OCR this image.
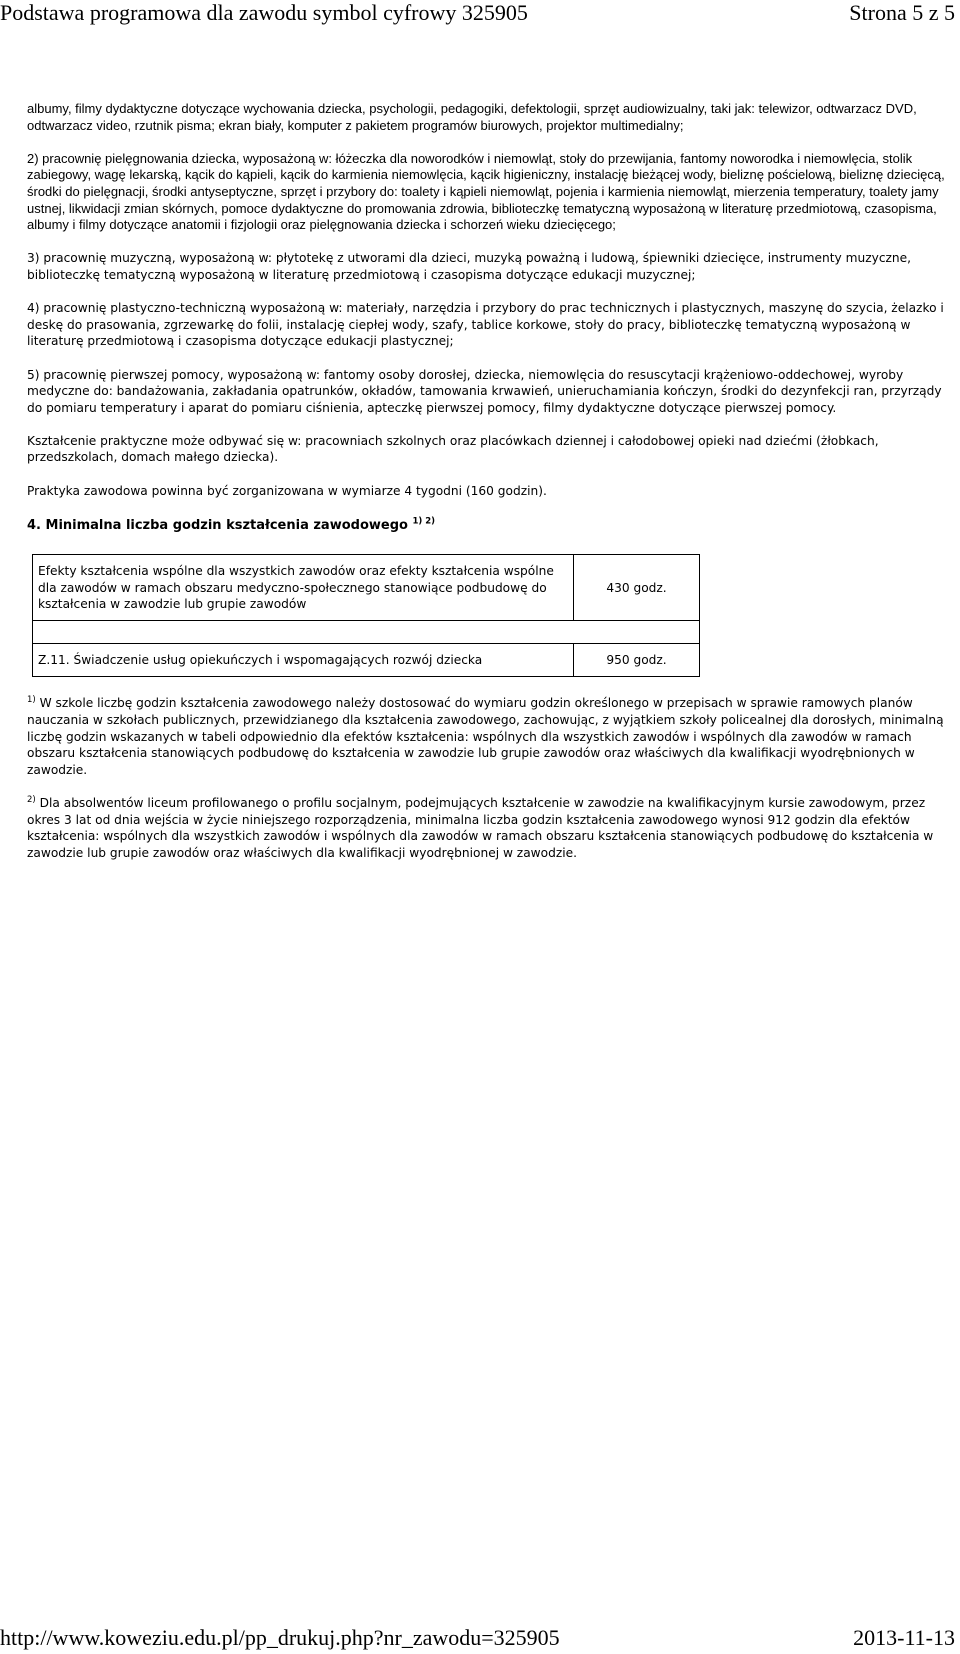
Podstawa programowa dla zawodu symbol cyfrowy 325905	Strona 5 z 5

albumy, filmy dydaktyczne dotyczące wychowania dziecka, psychologii, pedagogiki, defektologii, sprzęt audiowizualny, taki jak: telewizor, odtwarzacz DVD, odtwarzacz video, rzutnik pisma; ekran biały, komputer z pakietem programów biurowych, projektor multimedialny;

2) pracownię pielęgnowania dziecka, wyposażoną w: łóżeczka dla noworodków i niemowląt, stoły do przewijania, fantomy noworodka i niemowlęcia, stolik zabiegowy, wagę lekarską, kącik do kąpieli, kącik do karmienia niemowlęcia, kącik higieniczny, instalację bieżącej wody, bieliznę pościelową, bieliznę dziecięcą, środki do pielęgnacji, środki antyseptyczne, sprzęt i przybory do: toalety i kąpieli niemowląt, pojenia i karmienia niemowląt, mierzenia temperatury, toalety jamy ustnej, likwidacji zmian skórnych, pomoce dydaktyczne do promowania zdrowia, biblioteczkę tematyczną wyposażoną w literaturę przedmiotową, czasopisma, albumy i filmy dotyczące anatomii i fizjologii oraz pielęgnowania dziecka i schorzeń wieku dziecięcego;

3) pracownię muzyczną, wyposażoną w: płytotekę z utworami dla dzieci, muzyką poważną i ludową, śpiewniki dziecięce, instrumenty muzyczne, biblioteczkę tematyczną wyposażoną w literaturę przedmiotową i czasopisma dotyczące edukacji muzycznej;

4) pracownię plastyczno-techniczną wyposażoną w: materiały, narzędzia i przybory do prac technicznych i plastycznych, maszynę do szycia, żelazko i deskę do prasowania, zgrzewarkę do folii, instalację ciepłej wody, szafy, tablice korkowe, stoły do pracy, biblioteczkę tematyczną wyposażoną w literaturę przedmiotową i czasopisma dotyczące edukacji plastycznej;

5) pracownię pierwszej pomocy, wyposażoną w: fantomy osoby dorosłej, dziecka, niemowlęcia do resuscytacji krążeniowo-oddechowej, wyroby medyczne do: bandażowania, zakładania opatrunków, okładów, tamowania krwawień, unieruchamiania kończyn, środki do dezynfekcji ran, przyrządy do pomiaru temperatury i aparat do pomiaru ciśnienia, apteczkę pierwszej pomocy, filmy dydaktyczne dotyczące pierwszej pomocy.

Kształcenie praktyczne może odbywać się w: pracowniach szkolnych oraz placówkach dziennej i całodobowej opieki nad dziećmi (żłobkach, przedszkolach, domach małego dziecka).

Praktyka zawodowa powinna być zorganizowana w wymiarze 4 tygodni (160 godzin).

4. Minimalna liczba godzin kształcenia zawodowego $^{1) 2)}$
Efekty kształcenia wspólne dla wszystkich zawodów oraz efekty kształcenia wspólne dla zawodów w ramach obszaru medyczno-społecznego stanowiące podbudowę do kształcenia w zawodzie lub grupie zawodów	430 godz.

Z.11. Świadczenie usług opiekuńczych i wspomagających rozwój dziecka	950 godz.

$^{1)}$ W szkole liczbę godzin kształcenia zawodowego należy dostosować do wymiaru godzin określonego w przepisach w sprawie ramowych planów nauczania w szkołach publicznych, przewidzianego dla kształcenia zawodowego, zachowując, z wyjątkiem szkoły policealnej dla dorosłych, minimalną liczbę godzin wskazanych w tabeli odpowiednio dla efektów kształcenia: wspólnych dla wszystkich zawodów i wspólnych dla zawodów w ramach obszaru kształcenia stanowiących podbudowę do kształcenia w zawodzie lub grupie zawodów oraz właściwych dla kwalifikacji wyodrębnionych w zawodzie.

$^{2)}$ Dla absolwentów liceum profilowanego o profilu socjalnym, podejmujących kształcenie w zawodzie na kwalifikacyjnym kursie zawodowym, przez okres 3 lat od dnia wejścia w życie niniejszego rozporządzenia, minimalna liczba godzin kształcenia zawodowego wynosi 912 godzin dla efektów kształcenia: wspólnych dla wszystkich zawodów i wspólnych dla zawodów w ramach obszaru kształcenia stanowiących podbudowę do kształcenia w zawodzie lub grupie zawodów oraz właściwych dla kwalifikacji wyodrębnionej w zawodzie.

http://www.koweziu.edu.pl/pp_drukuj.php?nr_zawodu=325905	2013-11-13
